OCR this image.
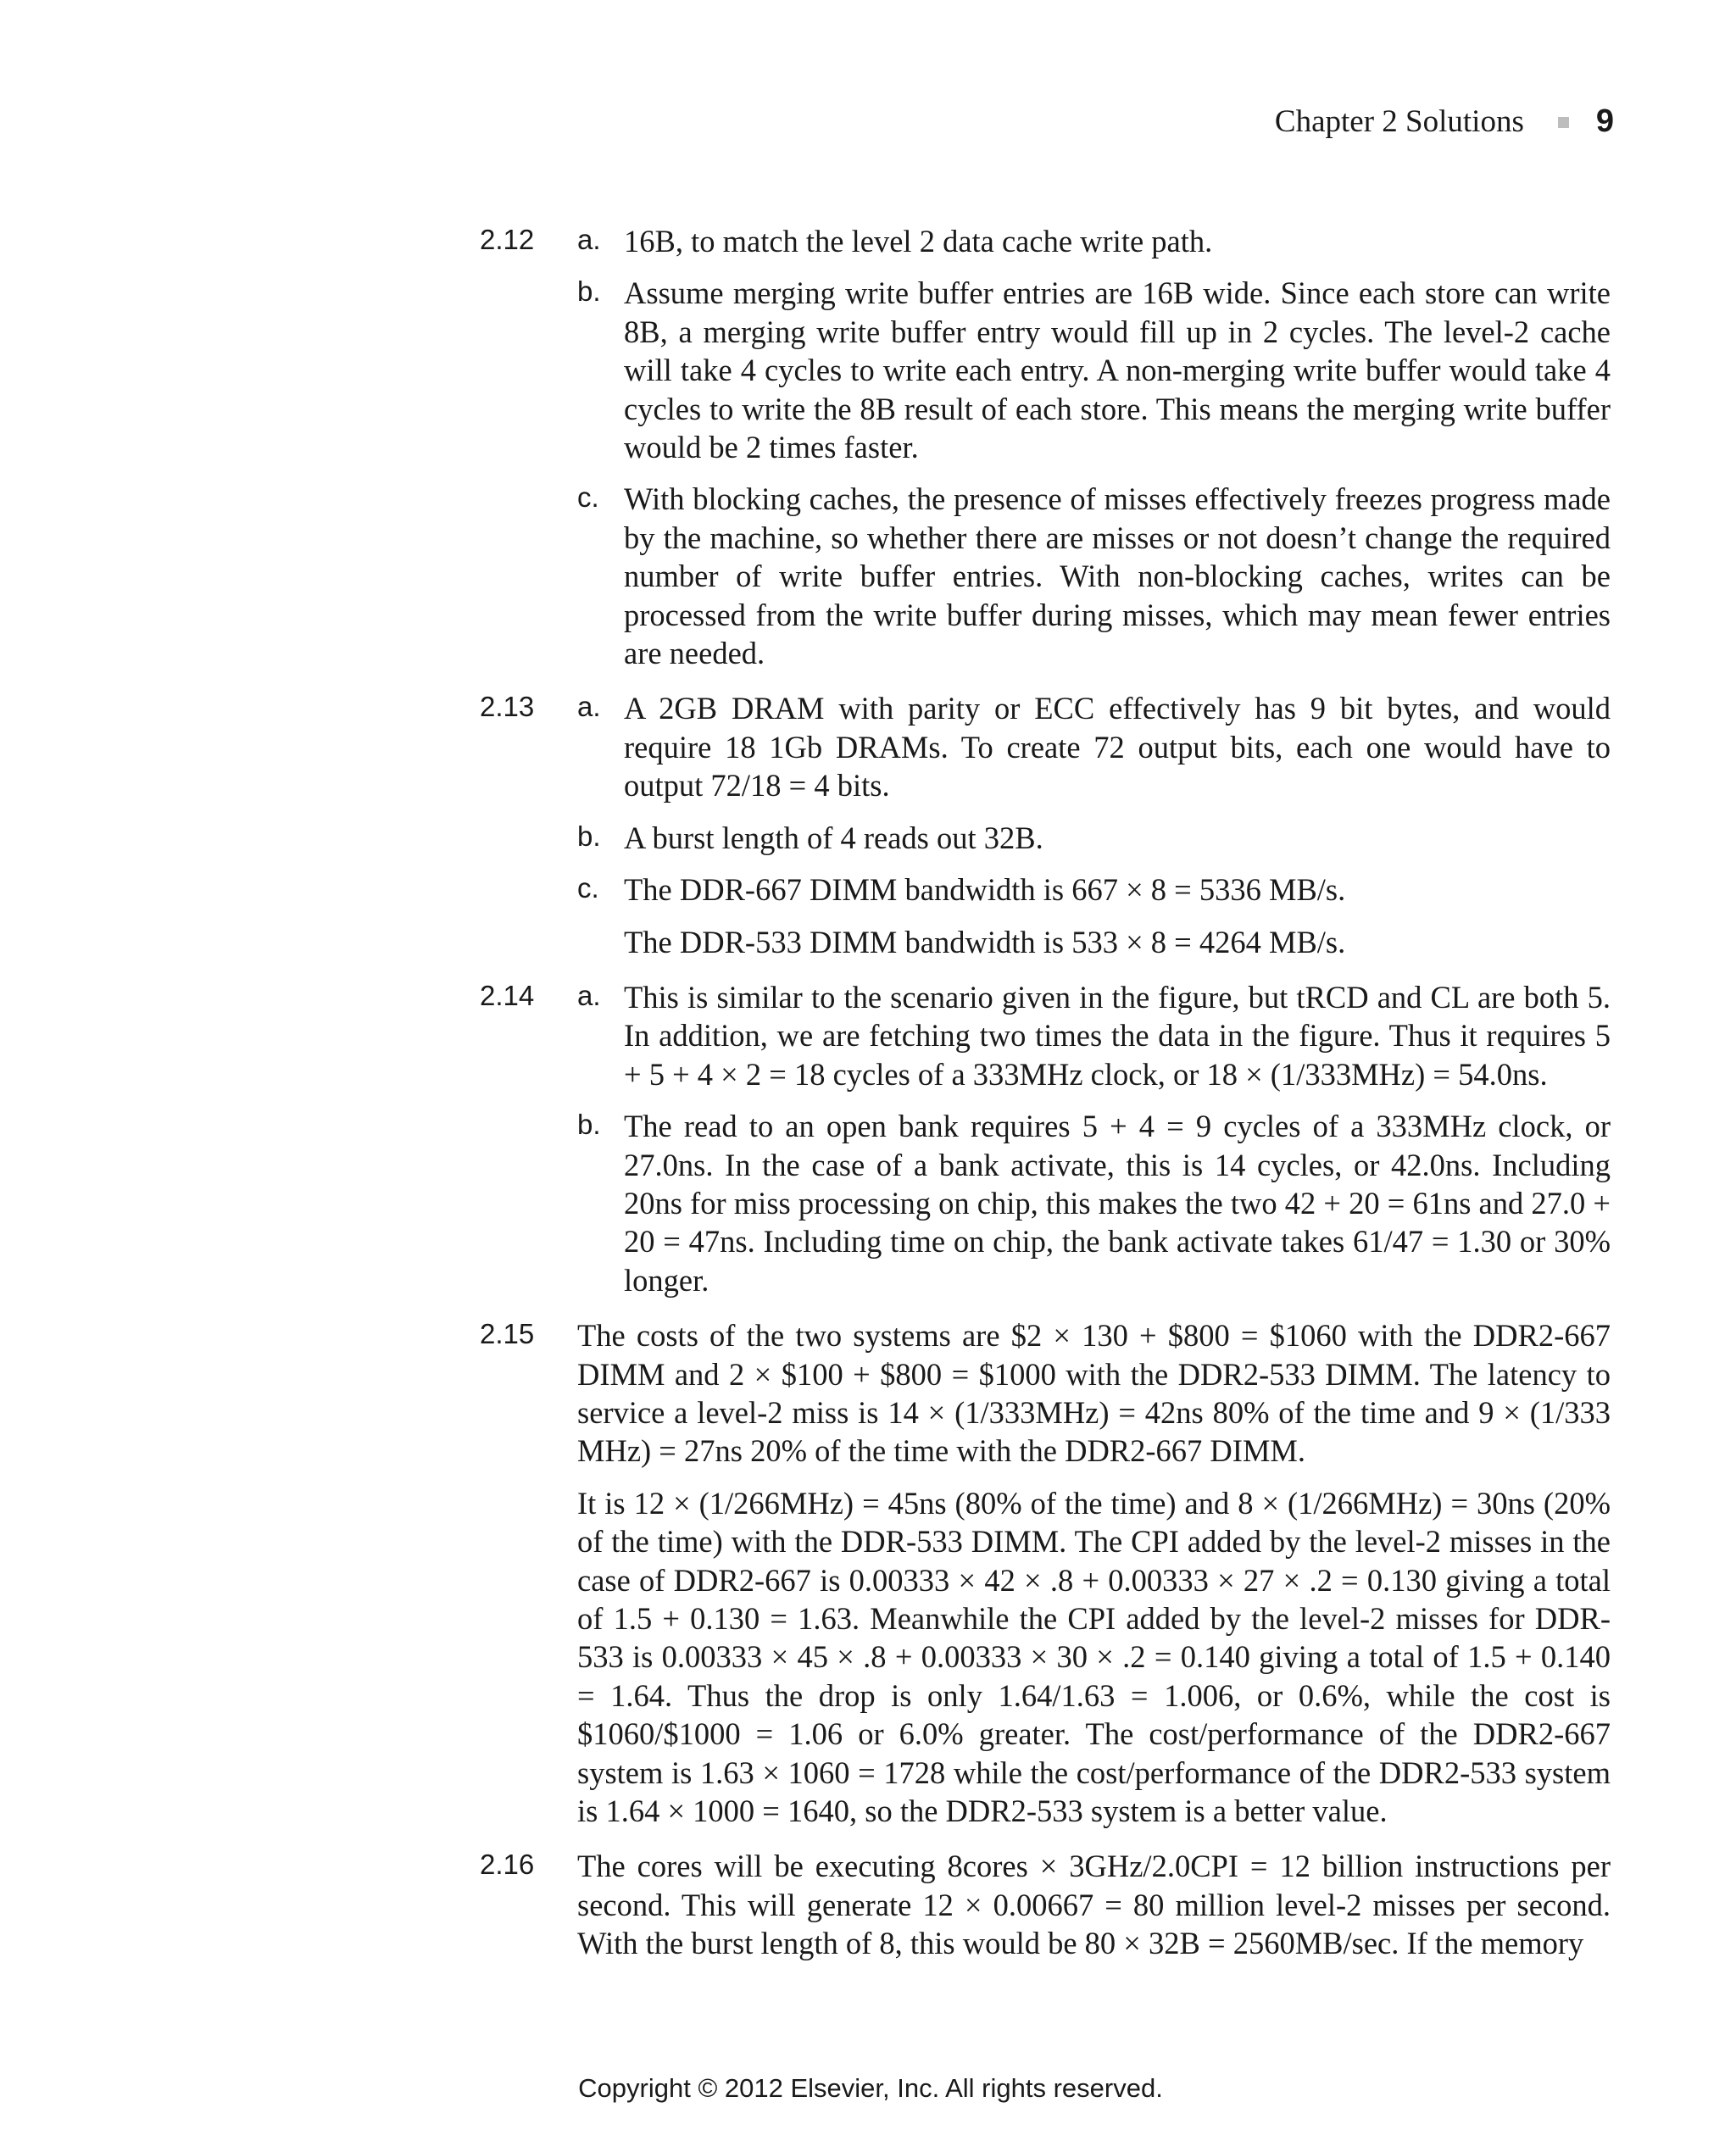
Chapter 2 Solutions 9
2.12 a. 16B, to match the level 2 data cache write path.

b. Assume merging write buffer entries are 16B wide. Since each store can write 8B, a merging write buffer entry would fill up in 2 cycles. The level-2 cache will take 4 cycles to write each entry. A non-merging write buffer would take 4 cycles to write the 8B result of each store. This means the merging write buffer would be 2 times faster.

c. With blocking caches, the presence of misses effectively freezes progress made by the machine, so whether there are misses or not doesn’t change the required number of write buffer entries. With non-blocking caches, writes can be processed from the write buffer during misses, which may mean fewer entries are needed.

2.13 a. A 2GB DRAM with parity or ECC effectively has 9 bit bytes, and would require 18 1Gb DRAMs. To create 72 output bits, each one would have to output 72/18 = 4 bits.

b. A burst length of 4 reads out 32B.

c. The DDR-667 DIMM bandwidth is 667 × 8 = 5336 MB/s.

The DDR-533 DIMM bandwidth is 533 × 8 = 4264 MB/s.

2.14 a. This is similar to the scenario given in the figure, but tRCD and CL are both 5. In addition, we are fetching two times the data in the figure. Thus it requires 5 + 5 + 4 × 2 = 18 cycles of a 333MHz clock, or 18 × (1/333MHz) = 54.0ns.

b. The read to an open bank requires 5 + 4 = 9 cycles of a 333MHz clock, or 27.0ns. In the case of a bank activate, this is 14 cycles, or 42.0ns. Including 20ns for miss processing on chip, this makes the two 42 + 20 = 61ns and 27.0 + 20 = 47ns. Including time on chip, the bank activate takes 61/47 = 1.30 or 30% longer.

2.15 The costs of the two systems are $2 × 130 + $800 = $1060 with the DDR2-667 DIMM and 2 × $100 + $800 = $1000 with the DDR2-533 DIMM. The latency to service a level-2 miss is 14 × (1/333MHz) = 42ns 80% of the time and 9 × (1/333 MHz) = 27ns 20% of the time with the DDR2-667 DIMM.

It is 12 × (1/266MHz) = 45ns (80% of the time) and 8 × (1/266MHz) = 30ns (20% of the time) with the DDR-533 DIMM. The CPI added by the level-2 misses in the case of DDR2-667 is 0.00333 × 42 × .8 + 0.00333 × 27 × .2 = 0.130 giving a total of 1.5 + 0.130 = 1.63. Meanwhile the CPI added by the level-2 misses for DDR-533 is 0.00333 × 45 × .8 + 0.00333 × 30 × .2 = 0.140 giving a total of 1.5 + 0.140 = 1.64. Thus the drop is only 1.64/1.63 = 1.006, or 0.6%, while the cost is $1060/$1000 = 1.06 or 6.0% greater. The cost/performance of the DDR2-667 system is 1.63 × 1060 = 1728 while the cost/performance of the DDR2-533 system is 1.64 × 1000 = 1640, so the DDR2-533 system is a better value.

2.16 The cores will be executing 8cores × 3GHz/2.0CPI = 12 billion instructions per second. This will generate 12 × 0.00667 = 80 million level-2 misses per second. With the burst length of 8, this would be 80 × 32B = 2560MB/sec. If the memory

Copyright © 2012 Elsevier, Inc. All rights reserved.
